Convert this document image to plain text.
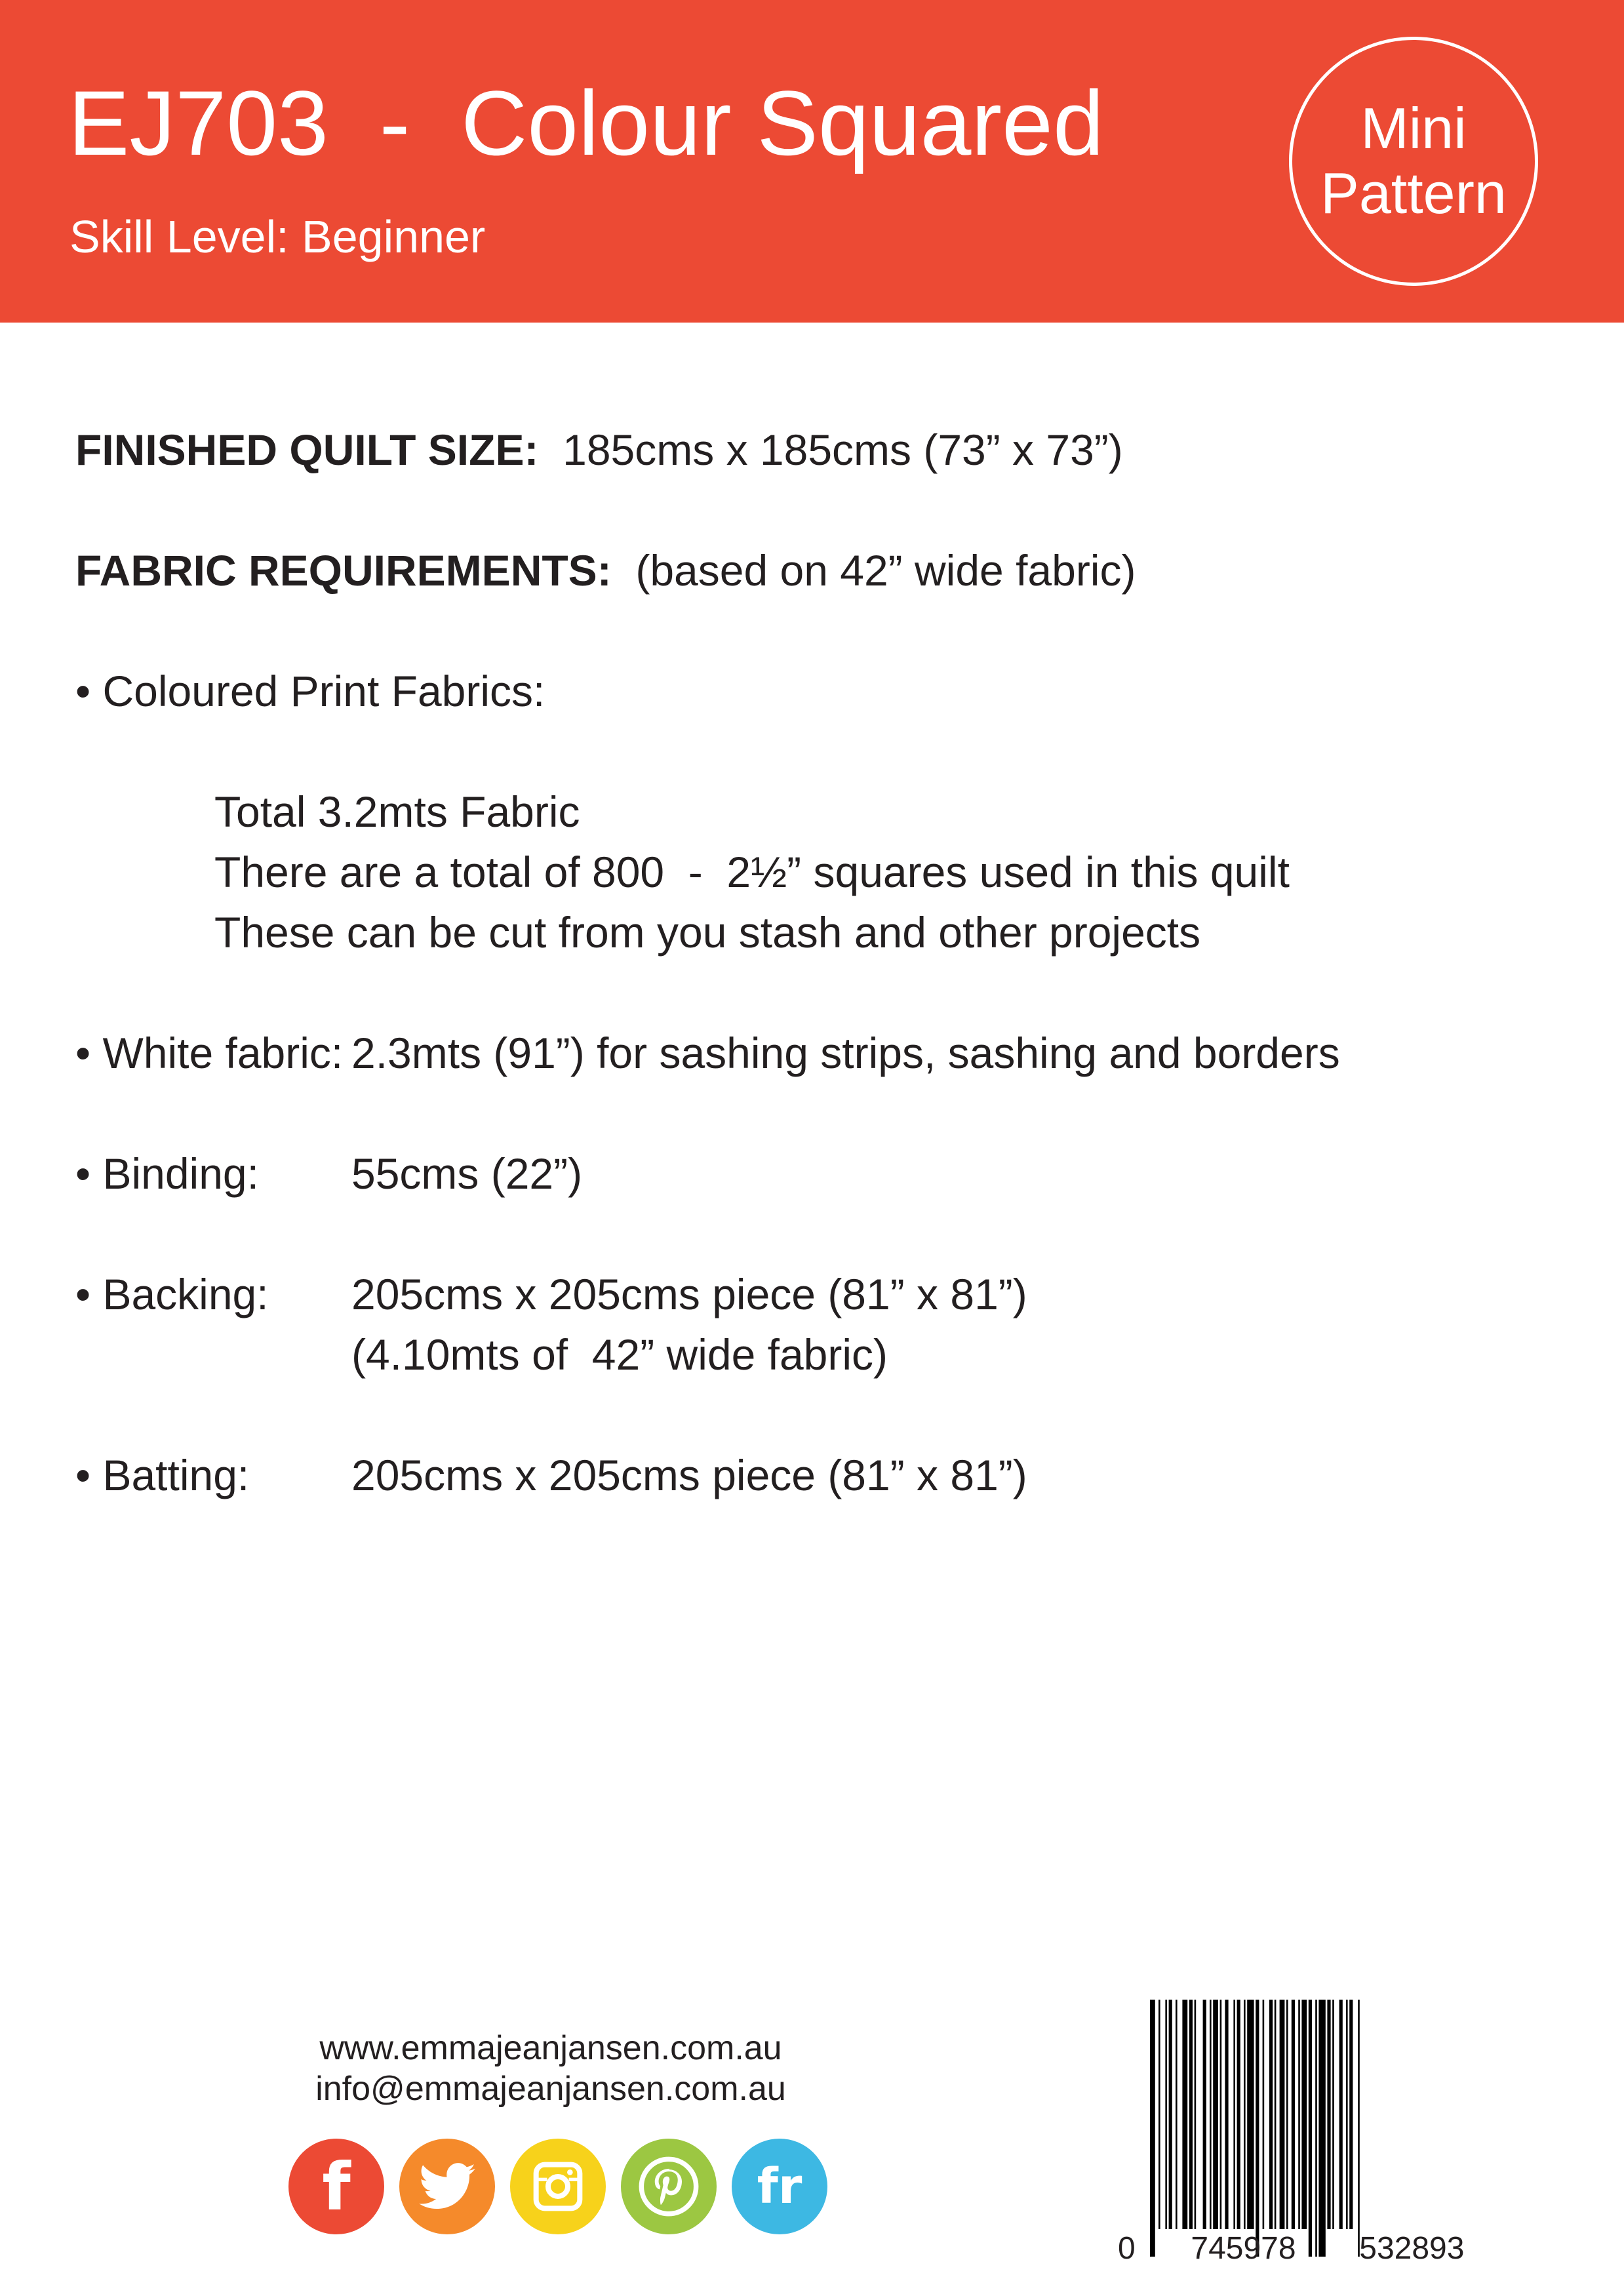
EJ703  -  Colour Squared
Skill Level: Beginner
Mini
Pattern
FINISHED QUILT SIZE: 185cms x 185cms (73” x 73”)
FABRIC REQUIREMENTS: (based on 42” wide fabric)
• Coloured Print Fabrics:
Total 3.2mts Fabric
There are a total of 800  -  2½” squares used in this quilt
These can be cut from you stash and other projects
• White fabric: 2.3mts (91”) for sashing strips, sashing and borders
• Binding: 55cms (22”)
• Backing: 205cms x 205cms piece (81” x 81”)
(4.10mts of  42” wide fabric)
• Batting: 205cms x 205cms piece (81” x 81”)
www.emmajeanjansen.com.au
info@emmajeanjansen.com.au
f	fr
0 745978 532893
